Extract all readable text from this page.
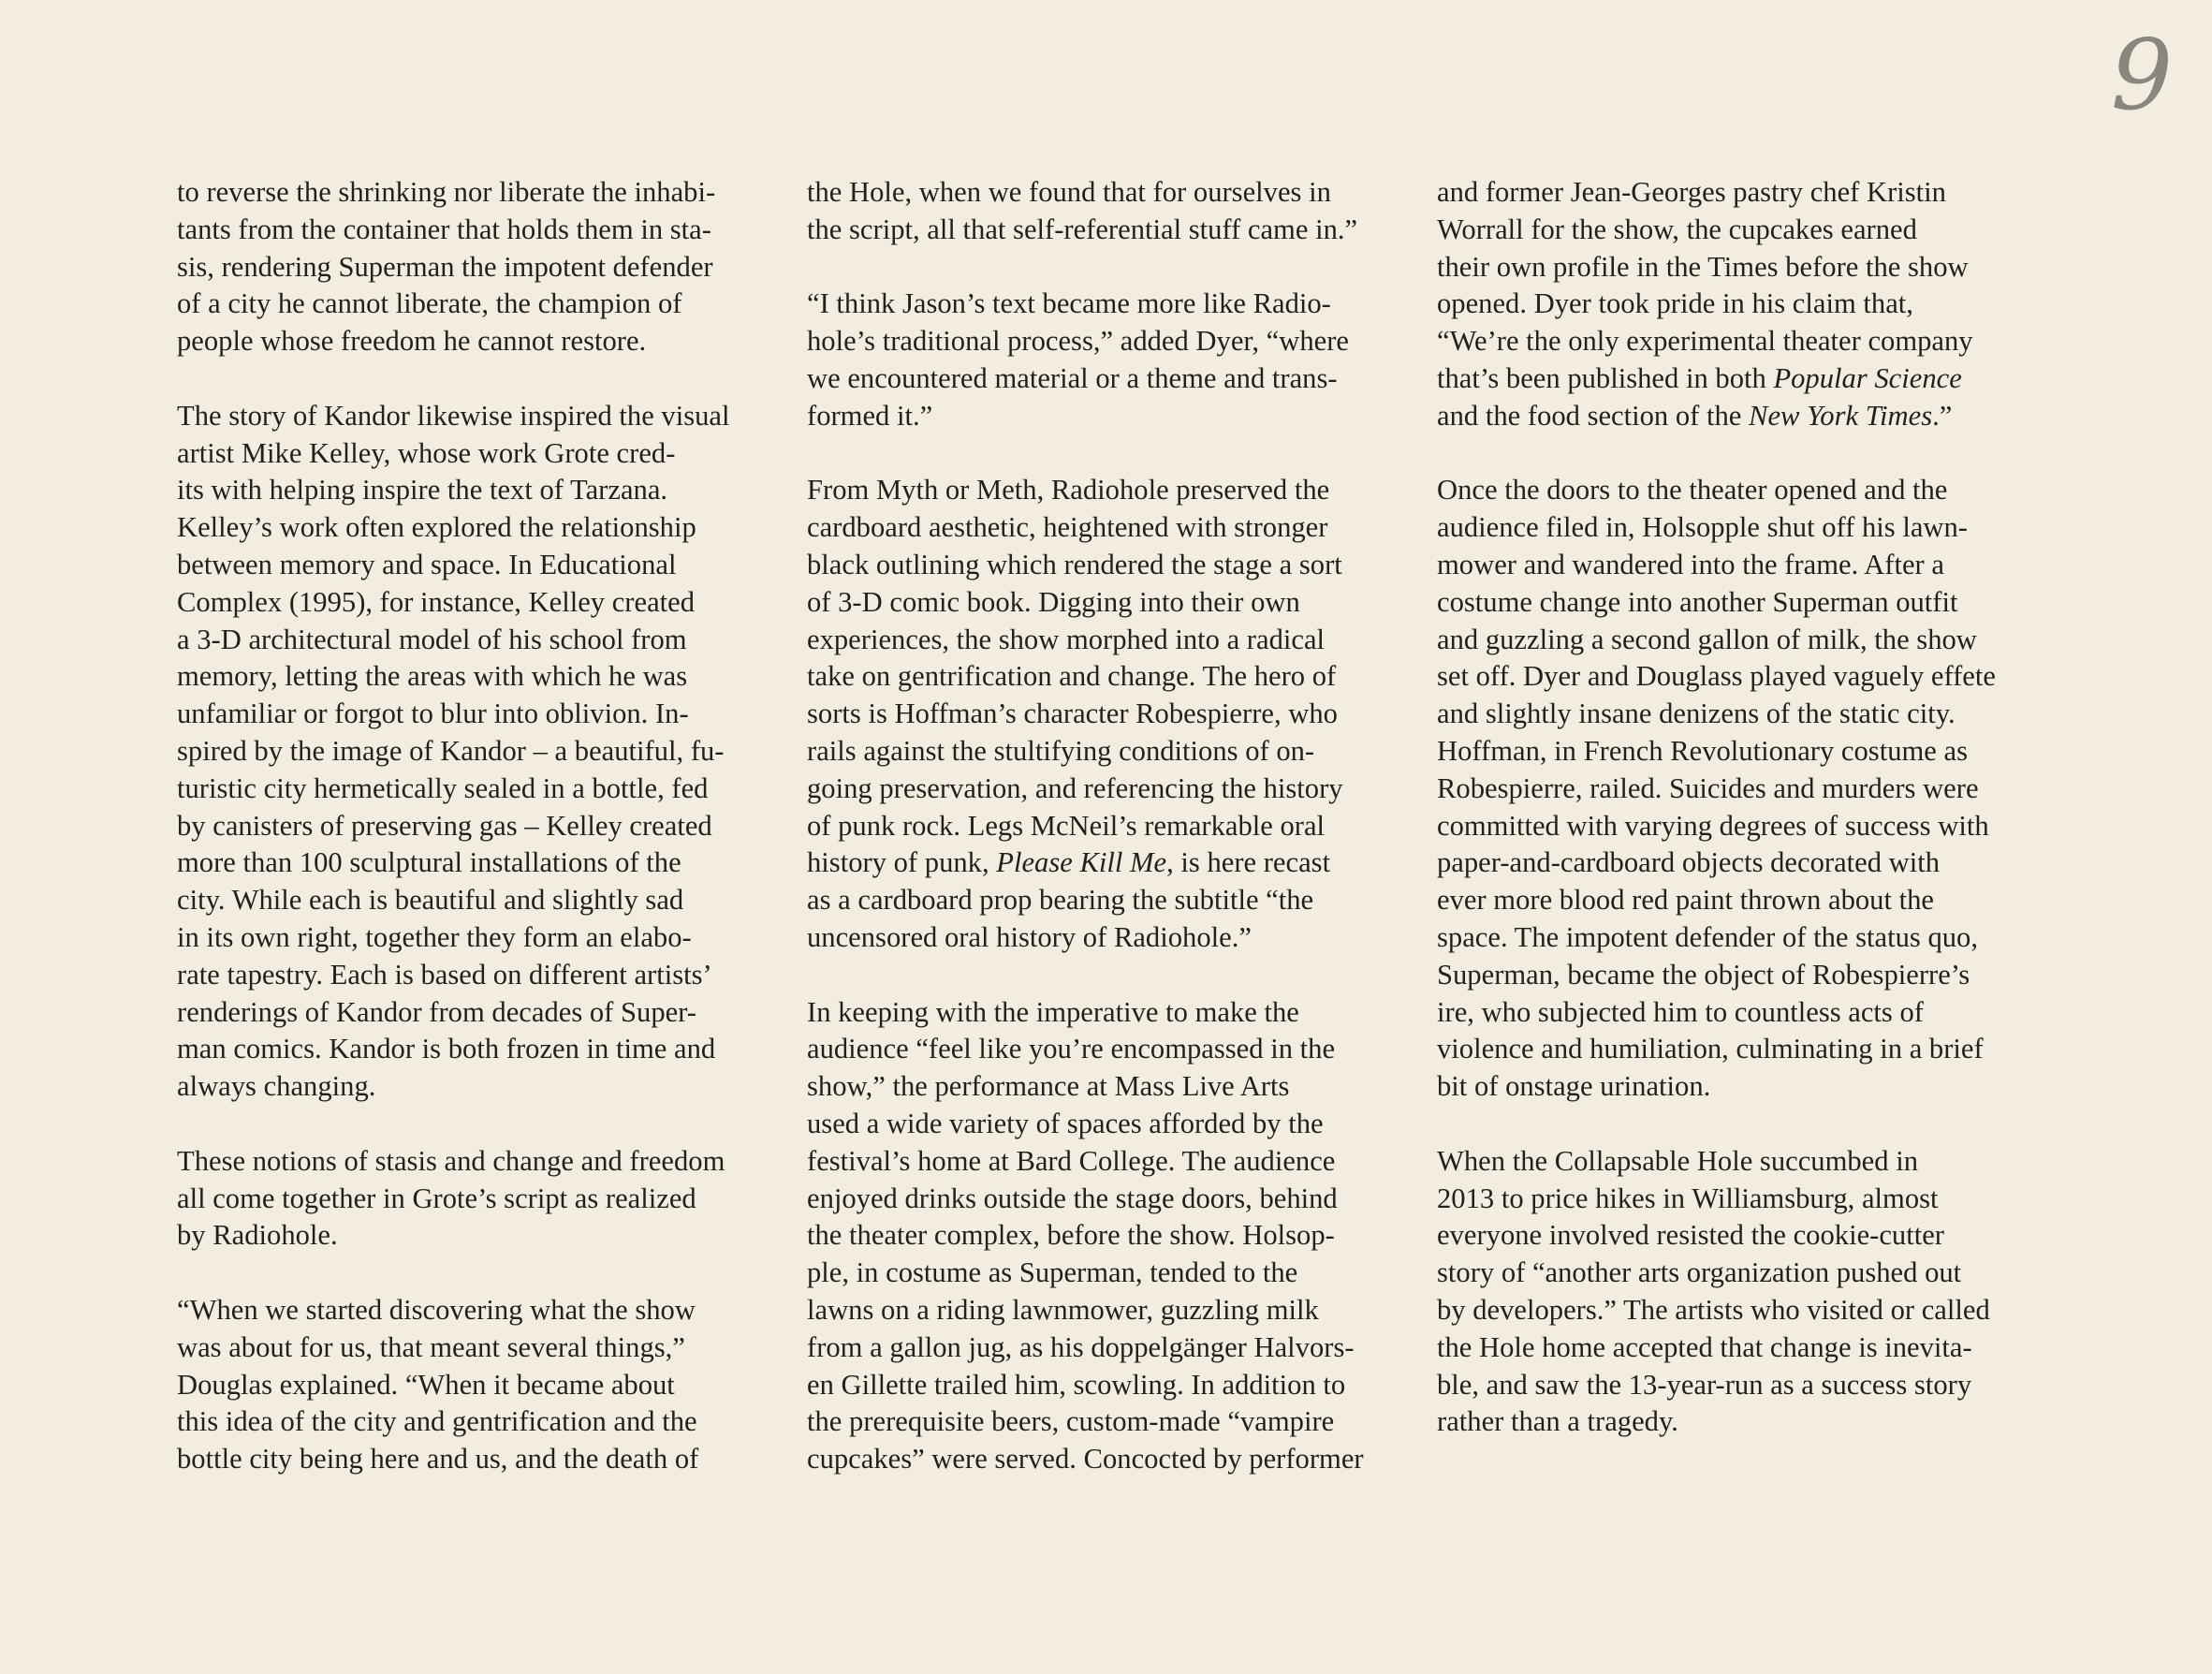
9
to reverse the shrinking nor liberate the inhabi-
tants from the container that holds them in sta-
sis, rendering Superman the impotent defender
of a city he cannot liberate, the champion of
people whose freedom he cannot restore.
The story of Kandor likewise inspired the visual
artist Mike Kelley, whose work Grote cred-
its with helping inspire the text of Tarzana.
Kelley’s work often explored the relationship
between memory and space. In Educational
Complex (1995), for instance, Kelley created
a 3-D architectural model of his school from
memory, letting the areas with which he was
unfamiliar or forgot to blur into oblivion. In-
spired by the image of Kandor – a beautiful, fu-
turistic city hermetically sealed in a bottle, fed
by canisters of preserving gas – Kelley created
more than 100 sculptural installations of the
city. While each is beautiful and slightly sad
in its own right, together they form an elabo-
rate tapestry. Each is based on different artists’
renderings of Kandor from decades of Super-
man comics. Kandor is both frozen in time and
always changing.
These notions of stasis and change and freedom
all come together in Grote’s script as realized
by Radiohole.
“When we started discovering what the show
was about for us, that meant several things,”
Douglas explained. “When it became about
this idea of the city and gentrification and the
bottle city being here and us, and the death of
the Hole, when we found that for ourselves in
the script, all that self-referential stuff came in.”
“I think Jason’s text became more like Radio-
hole’s traditional process,” added Dyer, “where
we encountered material or a theme and trans-
formed it.”
From Myth or Meth, Radiohole preserved the
cardboard aesthetic, heightened with stronger
black outlining which rendered the stage a sort
of 3-D comic book. Digging into their own
experiences, the show morphed into a radical
take on gentrification and change. The hero of
sorts is Hoffman’s character Robespierre, who
rails against the stultifying conditions of on-
going preservation, and referencing the history
of punk rock. Legs McNeil’s remarkable oral
history of punk, Please Kill Me, is here recast
as a cardboard prop bearing the subtitle “the
uncensored oral history of Radiohole.”
In keeping with the imperative to make the
audience “feel like you’re encompassed in the
show,” the performance at Mass Live Arts
used a wide variety of spaces afforded by the
festival’s home at Bard College. The audience
enjoyed drinks outside the stage doors, behind
the theater complex, before the show. Holsop-
ple, in costume as Superman, tended to the
lawns on a riding lawnmower, guzzling milk
from a gallon jug, as his doppelgänger Halvors-
en Gillette trailed him, scowling. In addition to
the prerequisite beers, custom-made “vampire
cupcakes” were served. Concocted by performer
and former Jean-Georges pastry chef Kristin
Worrall for the show, the cupcakes earned
their own profile in the Times before the show
opened. Dyer took pride in his claim that,
“We’re the only experimental theater company
that’s been published in both Popular Science
and the food section of the New York Times.”
Once the doors to the theater opened and the
audience filed in, Holsopple shut off his lawn-
mower and wandered into the frame. After a
costume change into another Superman outfit
and guzzling a second gallon of milk, the show
set off. Dyer and Douglass played vaguely effete
and slightly insane denizens of the static city.
Hoffman, in French Revolutionary costume as
Robespierre, railed. Suicides and murders were
committed with varying degrees of success with
paper-and-cardboard objects decorated with
ever more blood red paint thrown about the
space. The impotent defender of the status quo,
Superman, became the object of Robespierre’s
ire, who subjected him to countless acts of
violence and humiliation, culminating in a brief
bit of onstage urination.
When the Collapsable Hole succumbed in
2013 to price hikes in Williamsburg, almost
everyone involved resisted the cookie-cutter
story of “another arts organization pushed out
by developers.” The artists who visited or called
the Hole home accepted that change is inevita-
ble, and saw the 13-year-run as a success story
rather than a tragedy.
